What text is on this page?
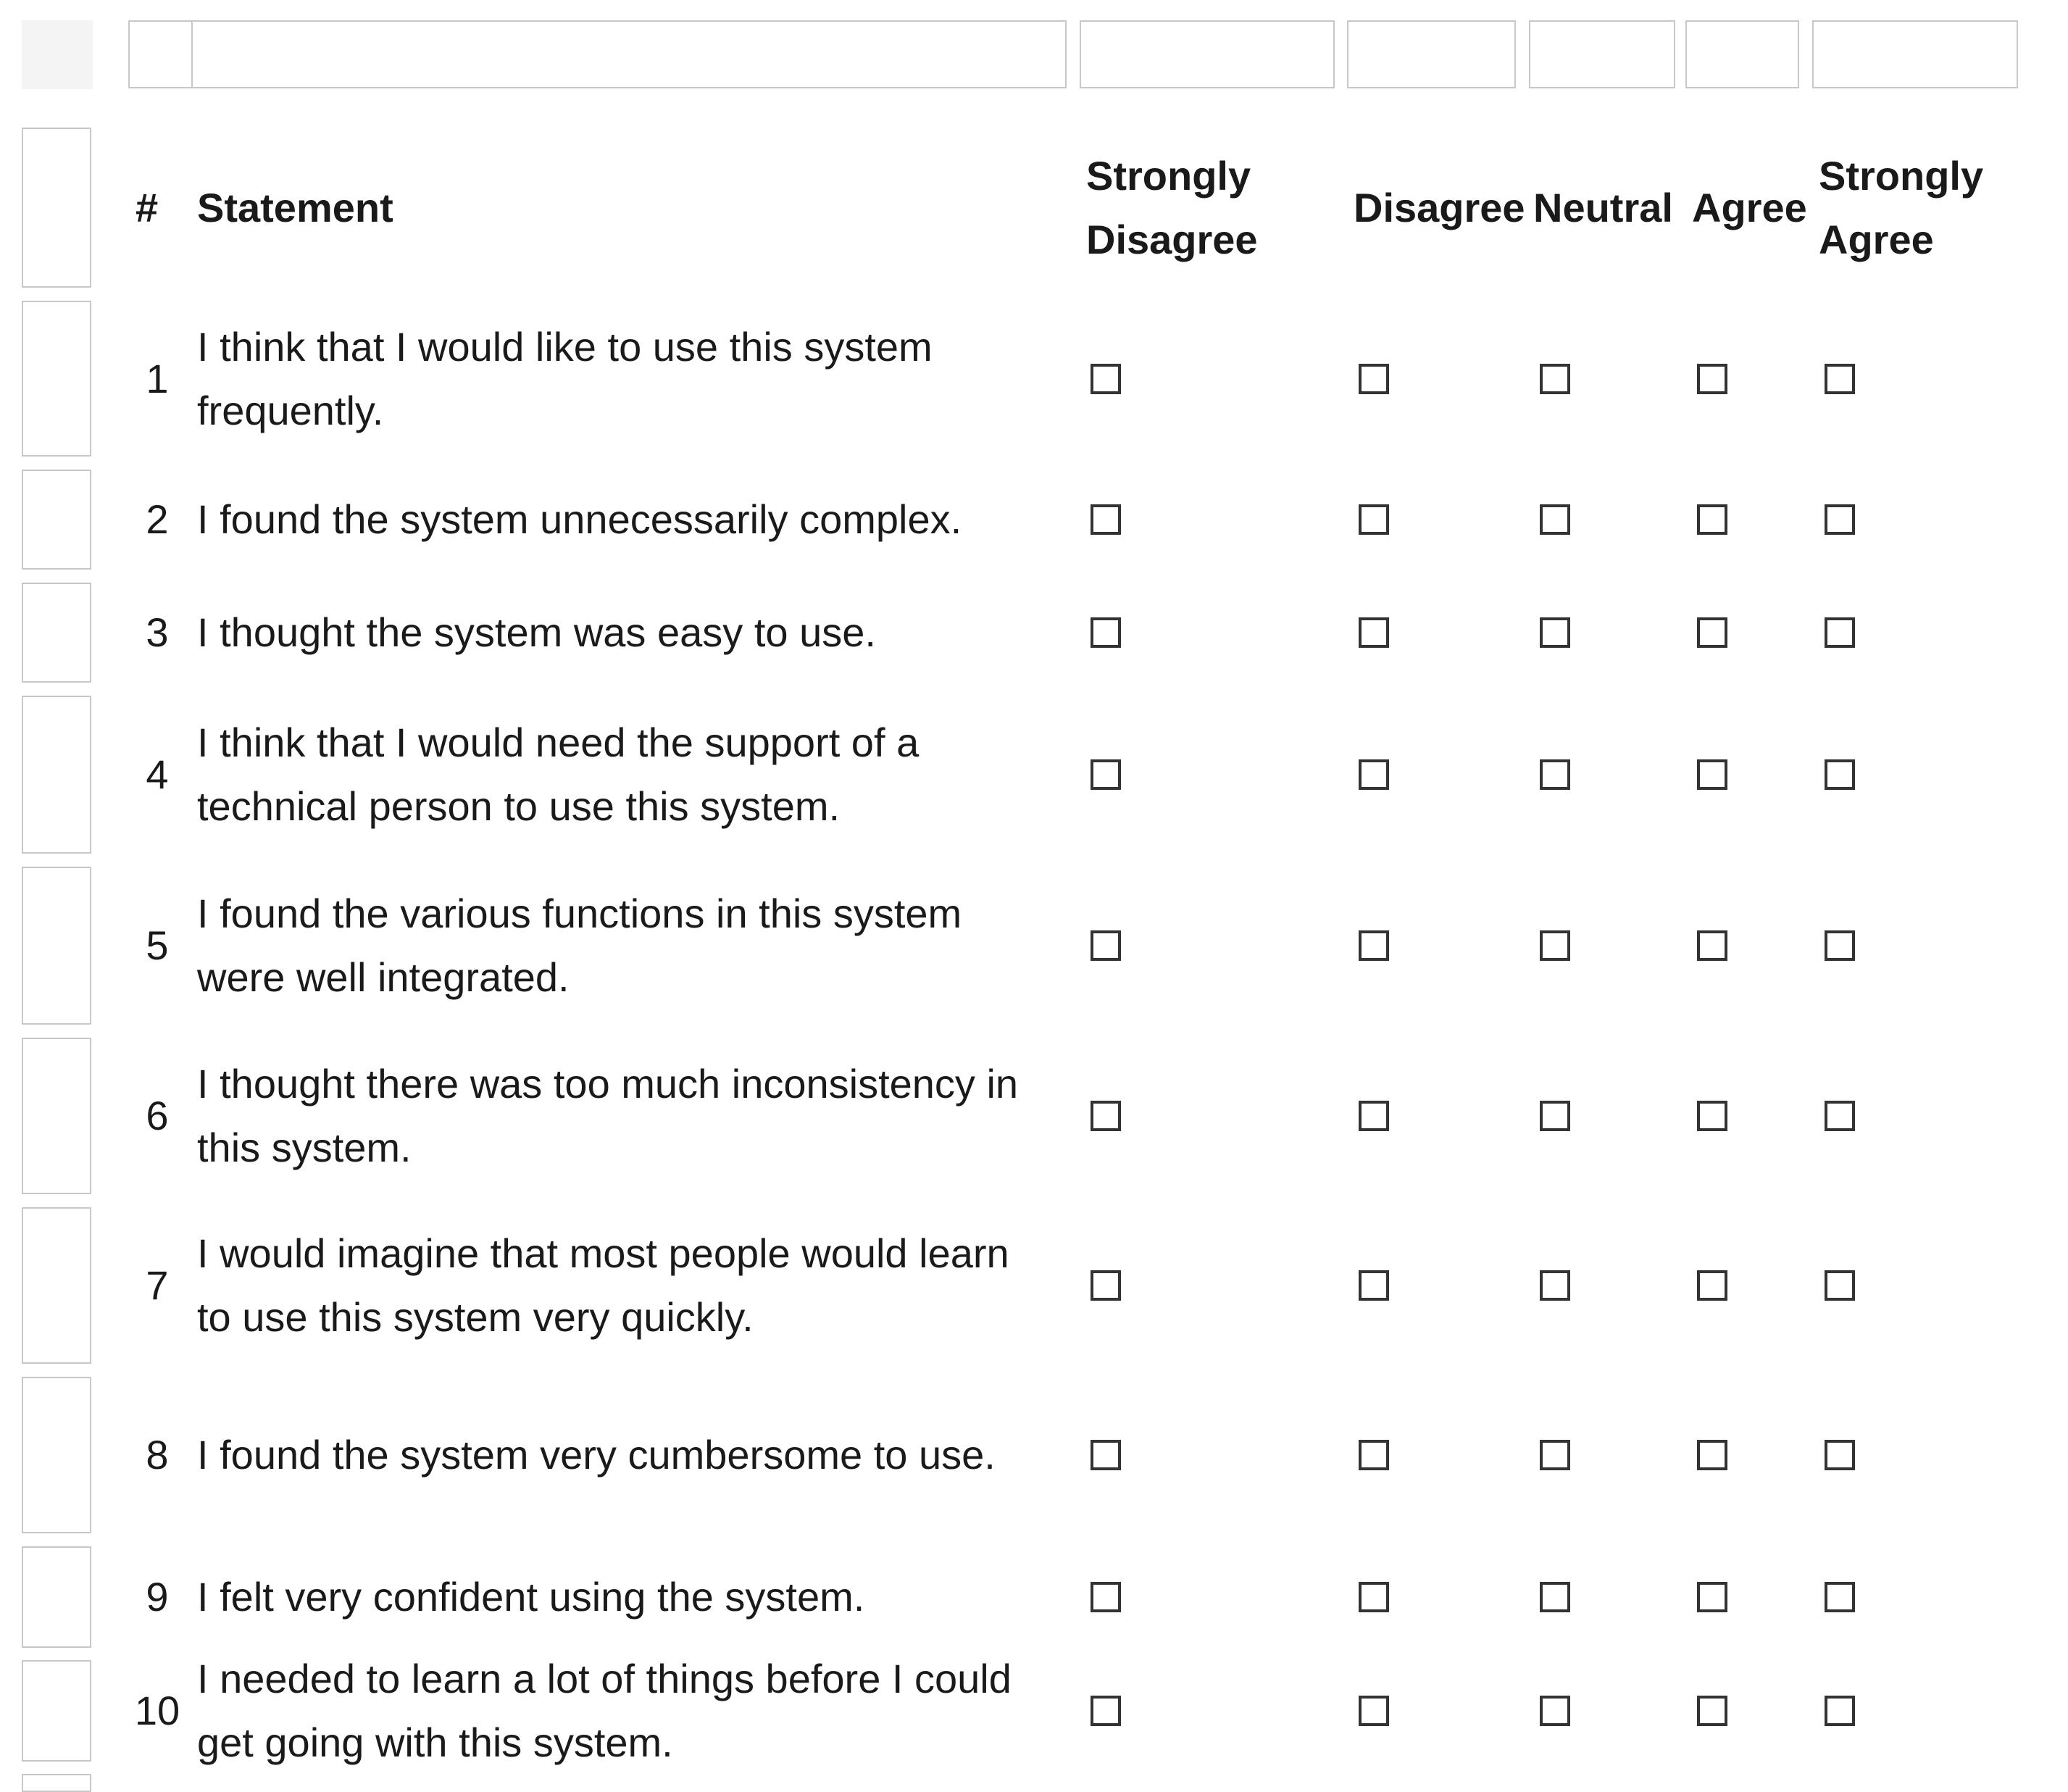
# Statement
Strongly
Disagree
Disagree Neutral Agree
Strongly
Agree
1
I think that I would like to use this system
frequently.
2 I found the system unnecessarily complex.
3 I thought the system was easy to use.
4
I think that I would need the support of a
technical person to use this system.
5
I found the various functions in this system
were well integrated.
6
I thought there was too much inconsistency in
this system.
7
I would imagine that most people would learn
to use this system very quickly.
8 I found the system very cumbersome to use.
9 I felt very confident using the system.
10
I needed to learn a lot of things before I could
get going with this system.
